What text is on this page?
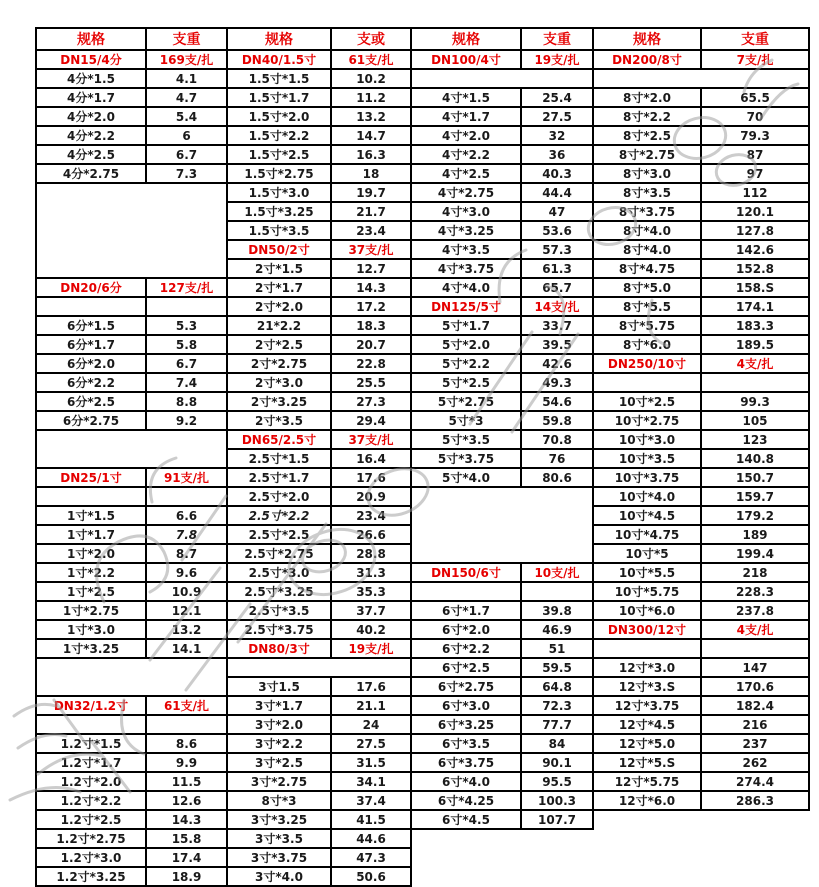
规格	支重	规格	支或	规格	支重	规格	支重
DN15/4分	169支/扎	DN40/1.5寸	61支/扎	DN100/4寸	19支/扎	DN200/8寸	7支/扎
4分*1.5	4.1	1.5寸*1.5	10.2				
4分*1.7	4.7	1.5寸*1.7	11.2	4寸*1.5	25.4	8寸*2.0	65.5
4分*2.0	5.4	1.5寸*2.0	13.2	4寸*1.7	27.5	8寸*2.2	70
4分*2.2	6	1.5寸*2.2	14.7	4寸*2.0	32	8寸*2.5	79.3
4分*2.5	6.7	1.5寸*2.5	16.3	4寸*2.2	36	8寸*2.75	87
4分*2.75	7.3	1.5寸*2.75	18	4寸*2.5	40.3	8寸*3.0	97
		1.5寸*3.0	19.7	4寸*2.75	44.4	8寸*3.5	112
		1.5寸*3.25	21.7	4寸*3.0	47	8寸*3.75	120.1
		1.5寸*3.5	23.4	4寸*3.25	53.6	8寸*4.0	127.8
		DN50/2寸	37支/扎	4寸*3.5	57.3	8寸*4.0	142.6
		2寸*1.5	12.7	4寸*3.75	61.3	8寸*4.75	152.8
DN20/6分	127支/扎	2寸*1.7	14.3	4寸*4.0	65.7	8寸*5.0	158.S
		2寸*2.0	17.2	DN125/5寸	14支/扎	8寸*5.5	174.1
6分*1.5	5.3	21*2.2	18.3	5寸*1.7	33.7	8寸*5.75	183.3
6分*1.7	5.8	2寸*2.5	20.7	5寸*2.0	39.5	8寸*6.0	189.5
6分*2.0	6.7	2寸*2.75	22.8	5寸*2.2	42.6	DN250/10寸	4支/扎
6分*2.2	7.4	2寸*3.0	25.5	5寸*2.5	49.3		
6分*2.5	8.8	2寸*3.25	27.3	5寸*2.75	54.6	10寸*2.5	99.3
6分*2.75	9.2	2寸*3.5	29.4	5寸*3	59.8	10寸*2.75	105
		DN65/2.5寸	37支/扎	5寸*3.5	70.8	10寸*3.0	123
		2.5寸*1.5	16.4	5寸*3.75	76	10寸*3.5	140.8
DN25/1寸	91支/扎	2.5寸*1.7	17.6	5寸*4.0	80.6	10寸*3.75	150.7
		2.5寸*2.0	20.9			10寸*4.0	159.7
1寸*1.5	6.6	2.5寸*2.2	23.4			10寸*4.5	179.2
1寸*1.7	7.8	2.5寸*2.5	26.6			10寸*4.75	189
1寸*2.0	8.7	2.5寸*2.75	28.8			10寸*5	199.4
1寸*2.2	9.6	2.5寸*3.0	31.3	DN150/6寸	10支/扎	10寸*5.5	218
1寸*2.5	10.9	2.5寸*3.25	35.3			10寸*5.75	228.3
1寸*2.75	12.1	2.5寸*3.5	37.7	6寸*1.7	39.8	10寸*6.0	237.8
1寸*3.0	13.2	2.5寸*3.75	40.2	6寸*2.0	46.9	DN300/12寸	4支/扎
1寸*3.25	14.1	DN80/3寸	19支/扎	6寸*2.2	51		
				6寸*2.5	59.5	12寸*3.0	147
		3寸1.5	17.6	6寸*2.75	64.8	12寸*3.S	170.6
DN32/1.2寸	61支/扎	3寸*1.7	21.1	6寸*3.0	72.3	12寸*3.75	182.4
		3寸*2.0	24	6寸*3.25	77.7	12寸*4.5	216
1.2寸*1.5	8.6	3寸*2.2	27.5	6寸*3.5	84	12寸*5.0	237
1.2寸*1.7	9.9	3寸*2.5	31.5	6寸*3.75	90.1	12寸*5.S	262
1.2寸*2.0	11.5	3寸*2.75	34.1	6寸*4.0	95.5	12寸*5.75	274.4
1.2寸*2.2	12.6	8寸*3	37.4	6寸*4.25	100.3	12寸*6.0	286.3
1.2寸*2.5	14.3	3寸*3.25	41.5	6寸*4.5	107.7		
1.2寸*2.75	15.8	3寸*3.5	44.6				
1.2寸*3.0	17.4	3寸*3.75	47.3				
1.2寸*3.25	18.9	3寸*4.0	50.6				
